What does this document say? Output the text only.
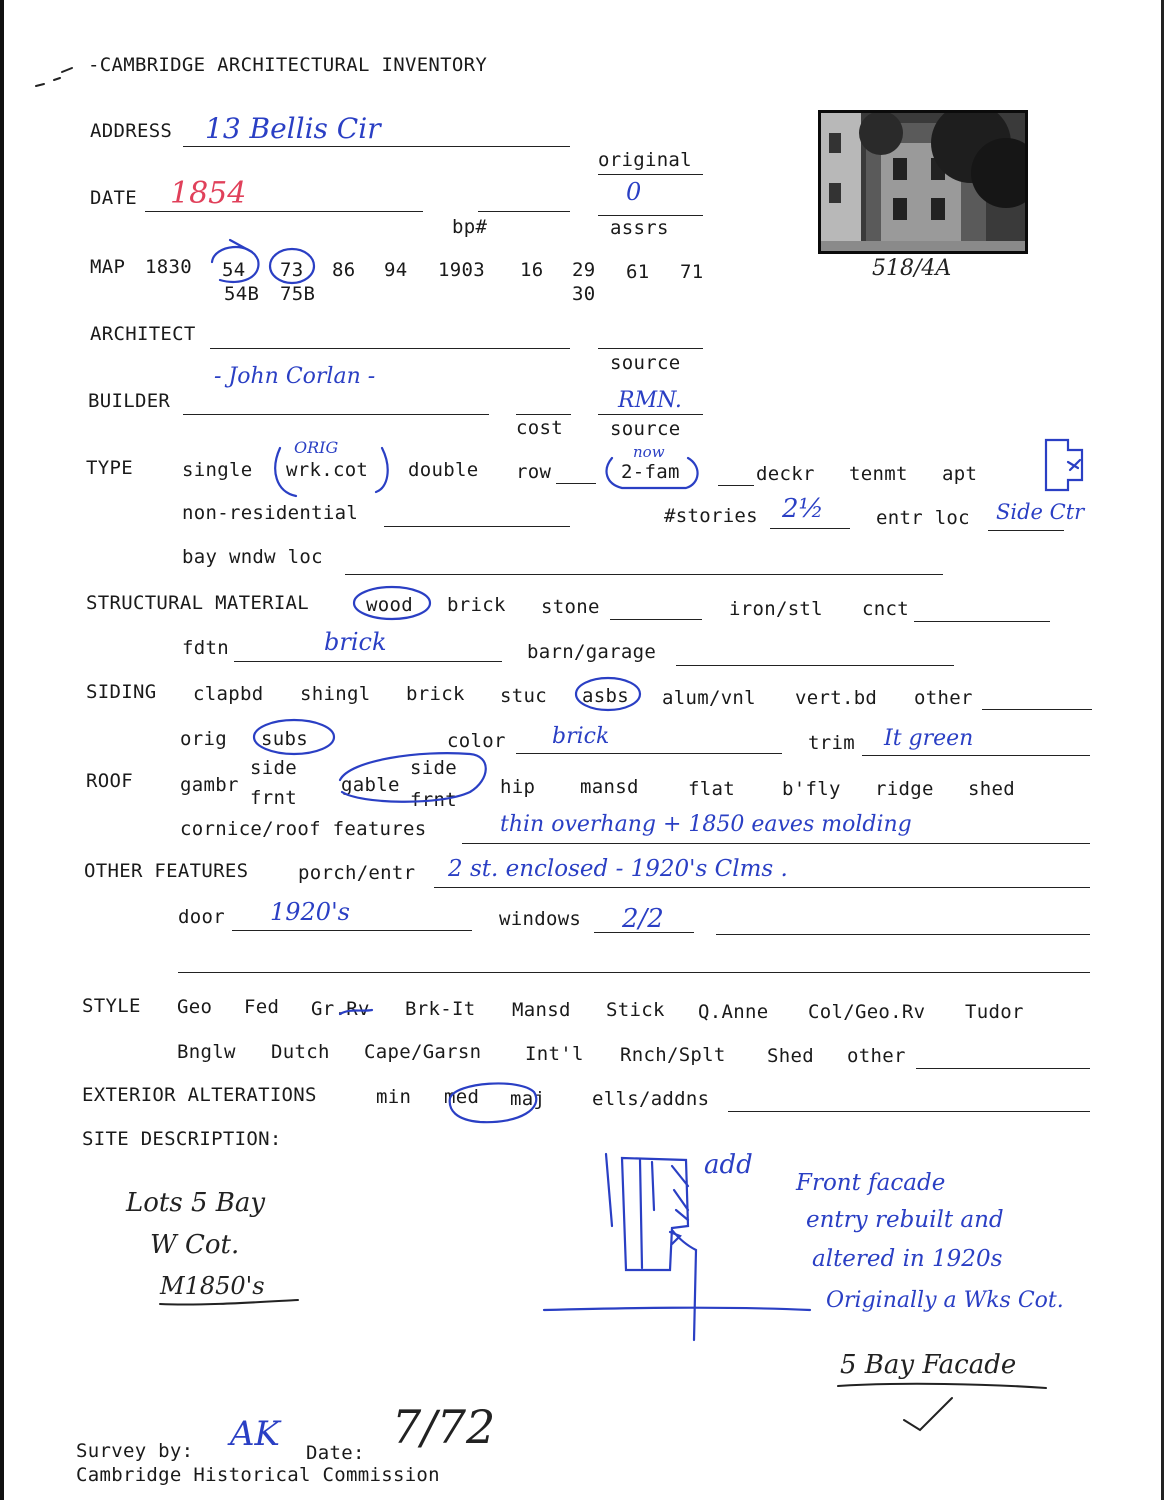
-CAMBRIDGE ARCHITECTURAL INVENTORY
518/4A
ADDRESS 13 Bellis Cir
original
DATE 1854
bp#
0
assrs
MAP 1830 54 73 86 94 1903 16 29 61 71
54B 75B	30
ARCHITECT
source
- John Corlan -
BUILDER
cost
RMN.
source
TYPE	single
ORIG
wrk.cot double row
now
2-fam	deckr tenmt apt
non-residential	#stories 2½	entr loc Side Ctr
bay wndw loc
STRUCTURAL MATERIAL	wood brick stone	iron/stl cnct
fdtn	brick	barn/garage
SIDING clapbd shingl brick stuc asbs alum/vnl vert.bd other
orig subs	color brick	trim It green
ROOF gambr
side
frnt
gable
side
frnt
hip mansd	flat b'fly ridge shed
cornice/roof features	thin overhang + 1850 eaves molding
OTHER FEATURES	porch/entr 2 st. enclosed - 1920's Clms .
door 1920's	windows 2/2
STYLE Geo Fed Gr.Rv Brk-It Mansd Stick Q.Anne Col/Geo.Rv Tudor
Bnglw Dutch Cape/Garsn Int'l Rnch/Splt Shed other
EXTERIOR ALTERATIONS	min med maj ells/addns
SITE DESCRIPTION:
Lots 5 Bay
W Cot.
M1850's
add
Front facade
entry rebuilt and
altered in 1920s
Originally a Wks Cot.
5 Bay Facade
Survey by: AK Date: 7/72
Cambridge Historical Commission
